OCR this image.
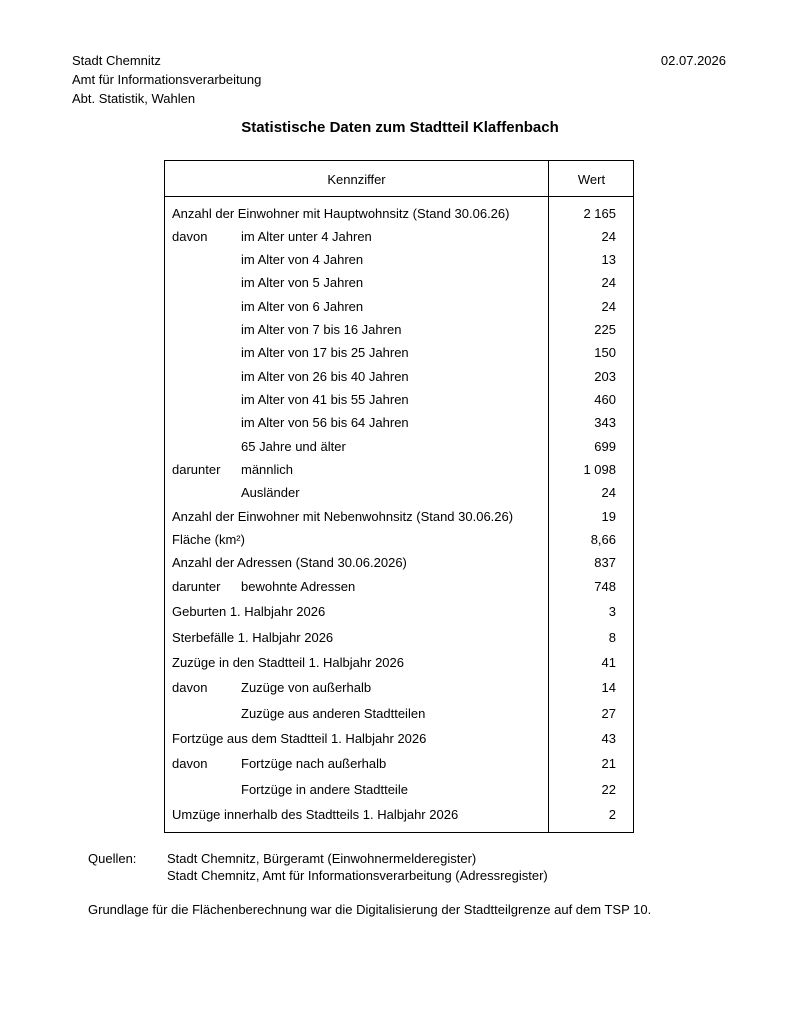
Stadt Chemnitz
Amt für Informationsverarbeitung
Abt. Statistik, Wahlen
02.07.2026
Statistische Daten zum Stadtteil Klaffenbach
Kennziffer	Wert
Anzahl der Einwohner mit Hauptwohnsitz (Stand 30.06.26)	2 165
davon	im Alter unter 4 Jahren	24
im Alter von 4 Jahren	13
im Alter von 5 Jahren	24
im Alter von 6 Jahren	24
im Alter von 7 bis 16 Jahren	225
im Alter von 17 bis 25 Jahren	150
im Alter von 26 bis 40 Jahren	203
im Alter von 41 bis 55 Jahren	460
im Alter von 56 bis 64 Jahren	343
65 Jahre und älter	699
darunter männlich	1 098
Ausländer	24
Anzahl der Einwohner mit Nebenwohnsitz (Stand 30.06.26)	19
Fläche (km²)	8,66
Anzahl der Adressen (Stand 30.06.2026)	837
darunter bewohnte Adressen	748
Geburten 1. Halbjahr 2026	3
Sterbefälle 1. Halbjahr 2026	8
Zuzüge in den Stadtteil 1. Halbjahr 2026	41
davon	Zuzüge von außerhalb	14
Zuzüge aus anderen Stadtteilen	27
Fortzüge aus dem Stadtteil 1. Halbjahr 2026	43
davon	Fortzüge nach außerhalb	21
Fortzüge in andere Stadtteile	22
Umzüge innerhalb des Stadtteils 1. Halbjahr 2026	2
Quellen: Stadt Chemnitz, Bürgeramt (Einwohnermelderegister)
Stadt Chemnitz, Amt für Informationsverarbeitung (Adressregister)
Grundlage für die Flächenberechnung war die Digitalisierung der Stadtteilgrenze auf dem TSP 10.
